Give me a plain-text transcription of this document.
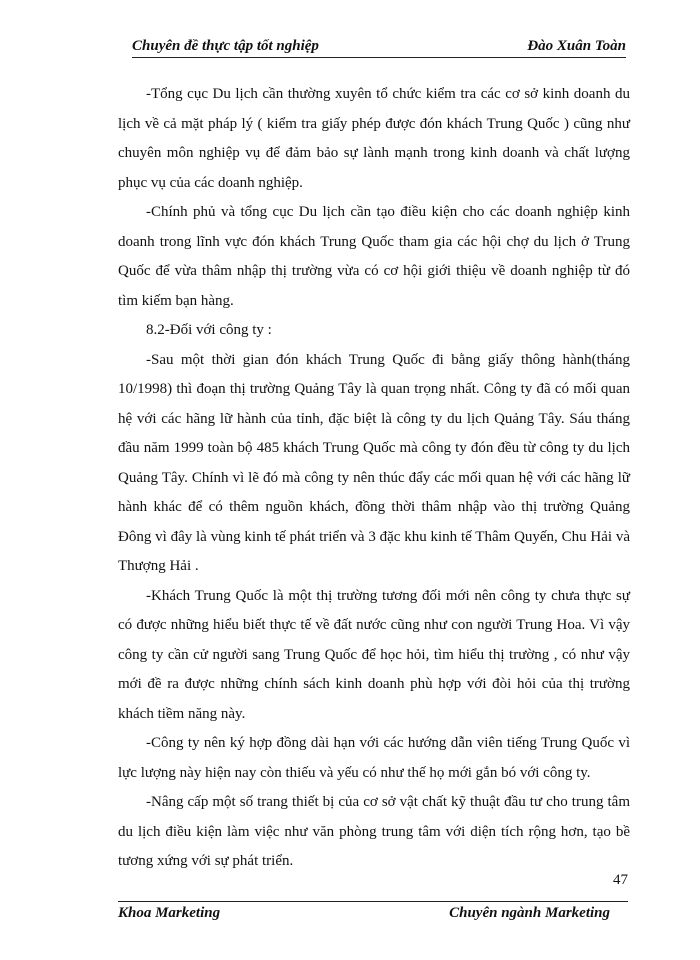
Chuyên đề thực tập tốt nghiệp	Đào Xuân Toàn

-Tổng cục Du lịch cần thường xuyên tổ chức kiểm tra các cơ sở kinh doanh du lịch về cả mặt pháp lý ( kiểm tra giấy phép được đón khách Trung Quốc ) cũng như chuyên môn nghiệp vụ để đảm bảo sự lành mạnh trong kinh doanh và chất lượng phục vụ của các doanh nghiệp.

-Chính phủ và tổng cục Du lịch cần tạo điều kiện cho các doanh nghiệp kinh doanh trong lĩnh vực đón khách Trung Quốc tham gia các hội chợ du lịch ở Trung Quốc để vừa thâm nhập thị trường vừa có cơ hội giới thiệu về doanh nghiệp từ đó tìm kiếm bạn hàng.

8.2-Đối với công ty :

-Sau một thời gian đón khách Trung Quốc đi bằng giấy thông hành(tháng 10/1998) thì đoạn thị trường Quảng Tây là quan trọng nhất. Công ty đã có mối quan hệ với các hãng lữ hành của tỉnh, đặc biệt là công ty du lịch Quảng Tây. Sáu tháng đầu năm 1999 toàn bộ 485 khách Trung Quốc mà công ty đón đều từ công ty du lịch Quảng Tây. Chính vì lẽ đó mà công ty nên thúc đẩy các mối quan hệ với các hãng lữ hành khác để có thêm nguồn khách, đồng thời thâm nhập vào thị trường Quảng Đông vì đây là vùng kinh tế phát triển và 3 đặc khu kinh tế Thâm Quyến, Chu Hải và Thượng Hải .

-Khách Trung Quốc là một thị trường tương đối mới nên công ty chưa thực sự có được những hiểu biết thực tế về đất nước cũng như con người Trung Hoa. Vì vậy công ty cần cử người sang Trung Quốc để học hỏi, tìm hiểu thị trường , có như vậy mới đề ra được những chính sách kinh doanh phù hợp với đòi hỏi của thị trường khách tiềm năng này.

-Công ty nên ký hợp đồng dài hạn với các hướng dẫn viên tiếng Trung Quốc vì lực lượng này hiện nay còn thiếu và yếu có như thế họ mới gắn bó với công ty.

-Nâng cấp một số trang thiết bị của cơ sở vật chất kỹ thuật đầu tư cho trung tâm du lịch điều kiện làm việc như văn phòng trung tâm với diện tích rộng hơn, tạo bề tương xứng với sự phát triển.

47
Khoa Marketing	Chuyên ngành Marketing
